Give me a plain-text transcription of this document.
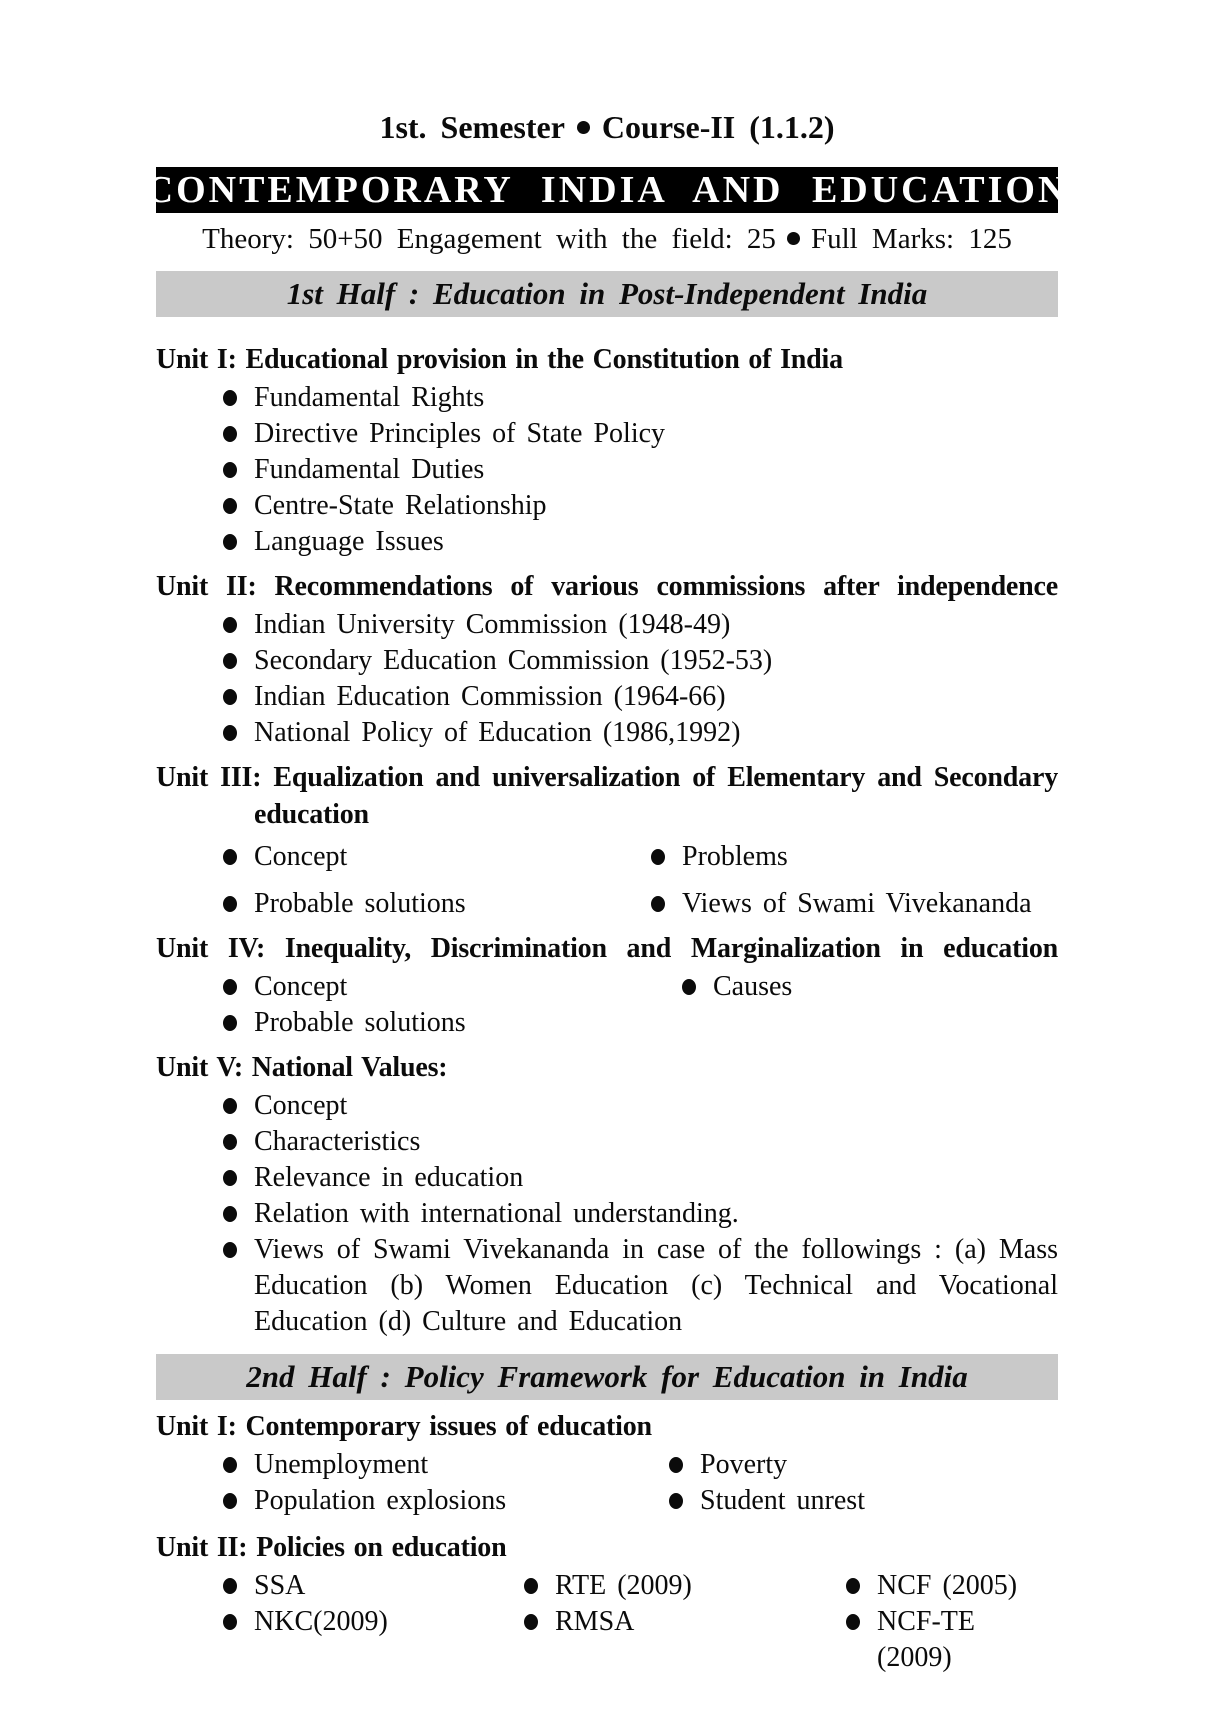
1st. Semester Course-II (1.1.2)
CONTEMPORARY INDIA AND EDUCATION
Theory: 50+50 Engagement with the field: 25 Full Marks: 125
1st Half : Education in Post-Independent India
Unit I: Educational provision in the Constitution of India
Fundamental Rights
Directive Principles of State Policy
Fundamental Duties
Centre-State Relationship
Language Issues
Unit II: Recommendations of various commissions after independence
Indian University Commission (1948-49)
Secondary Education Commission (1952-53)
Indian Education Commission (1964-66)
National Policy of Education (1986,1992)
Unit III: Equalization and universalization of Elementary and Secondary education
Concept	Problems
Probable solutions	Views of Swami Vivekananda
Unit IV: Inequality, Discrimination and Marginalization in education
Concept	Causes
Probable solutions
Unit V: National Values:
Concept
Characteristics
Relevance in education
Relation with international understanding.
Views of Swami Vivekananda in case of the followings : (a) Mass Education (b) Women Education (c) Technical and Vocational Education (d) Culture and Education
2nd Half : Policy Framework for Education in India
Unit I: Contemporary issues of education
Unemployment	Poverty
Population explosions	Student unrest
Unit II: Policies on education
SSA	RTE (2009)	NCF (2005)
NKC(2009)	RMSA	NCF-TE (2009)
